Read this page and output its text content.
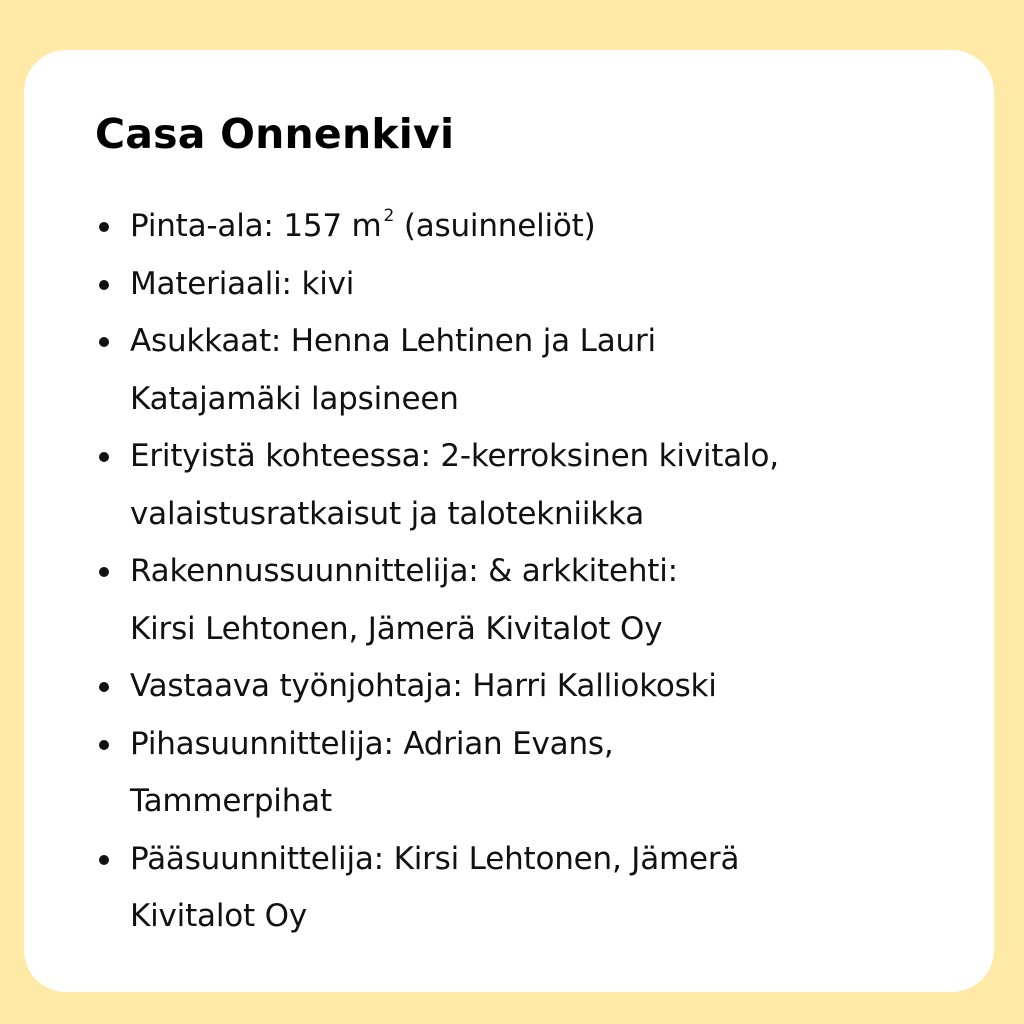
Casa Onnenkivi
Pinta-ala: 157 m $^2$ (asuinneliöt)
Materiaali: kivi
Asukkaat: Henna Lehtinen ja Lauri
Katajamäki lapsineen
Erityistä kohteessa: 2-kerroksinen kivitalo,
valaistusratkaisut ja talotekniikka
Rakennussuunnittelija: & arkkitehti:
Kirsi Lehtonen, Jämerä Kivitalot Oy
Vastaava työnjohtaja: Harri Kalliokoski
Pihasuunnittelija: Adrian Evans,
Tammerpihat
Pääsuunnittelija: Kirsi Lehtonen, Jämerä
Kivitalot Oy
